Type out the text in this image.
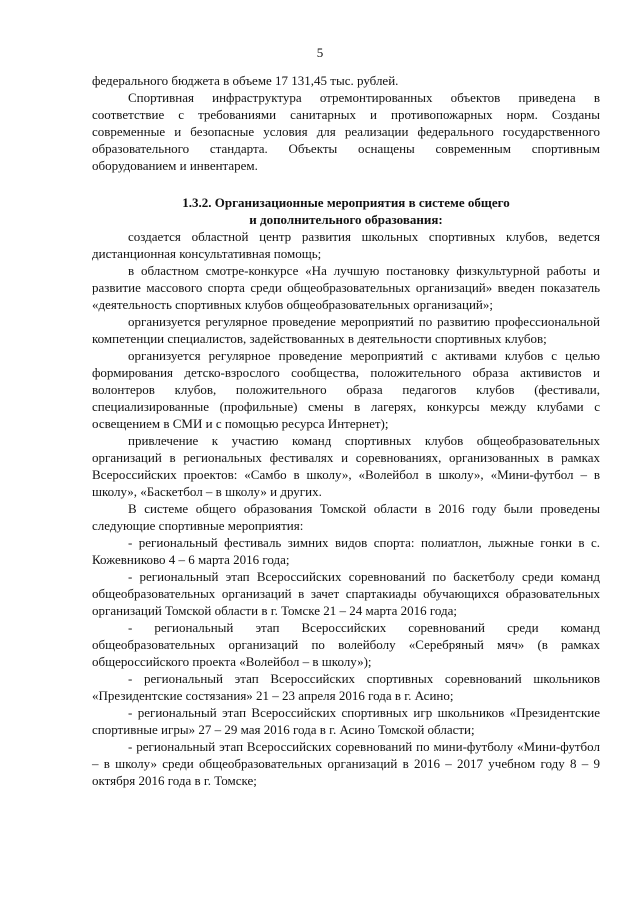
5

федерального бюджета в объеме 17 131,45 тыс. рублей.

Спортивная инфраструктура отремонтированных объектов приведена в соответствие с требованиями санитарных и противопожарных норм. Созданы современные и безопасные условия для реализации федерального государственного образовательного стандарта. Объекты оснащены современным спортивным оборудованием и инвентарем.

1.3.2. Организационные мероприятия в системе общего
и дополнительного образования:

создается областной центр развития школьных спортивных клубов, ведется дистанционная консультативная помощь;

в областном смотре-конкурсе «На лучшую постановку физкультурной работы и развитие массового спорта среди общеобразовательных организаций» введен показатель «деятельность спортивных клубов общеобразовательных организаций»;

организуется регулярное проведение мероприятий по развитию профессиональной компетенции специалистов, задействованных в деятельности спортивных клубов;

организуется регулярное проведение мероприятий с активами клубов с целью формирования детско-взрослого сообщества, положительного образа активистов и волонтеров клубов, положительного образа педагогов клубов (фестивали, специализированные (профильные) смены в лагерях, конкурсы между клубами с освещением в СМИ и с помощью ресурса Интернет);

привлечение к участию команд спортивных клубов общеобразовательных организаций в региональных фестивалях и соревнованиях, организованных в рамках Всероссийских проектов: «Самбо в школу», «Волейбол в школу», «Мини-футбол – в школу», «Баскетбол – в школу» и других.

В системе общего образования Томской области в 2016 году были проведены следующие спортивные мероприятия:

- региональный фестиваль зимних видов спорта: полиатлон, лыжные гонки в с. Кожевниково 4 – 6 марта 2016 года;

- региональный этап Всероссийских соревнований по баскетболу среди команд общеобразовательных организаций в зачет спартакиады обучающихся образовательных организаций Томской области в г. Томске 21 – 24 марта 2016 года;

- региональный этап Всероссийских соревнований среди команд общеобразовательных организаций по волейболу «Серебряный мяч» (в рамках общероссийского проекта «Волейбол – в школу»);

- региональный этап Всероссийских спортивных соревнований школьников «Президентские состязания» 21 – 23 апреля 2016 года в г. Асино;

- региональный этап Всероссийских спортивных игр школьников «Президентские спортивные игры» 27 – 29 мая 2016 года в г. Асино Томской области;

- региональный этап Всероссийских соревнований по мини-футболу «Мини-футбол – в школу» среди общеобразовательных организаций в 2016 – 2017 учебном году 8 – 9 октября 2016 года в г. Томске;
